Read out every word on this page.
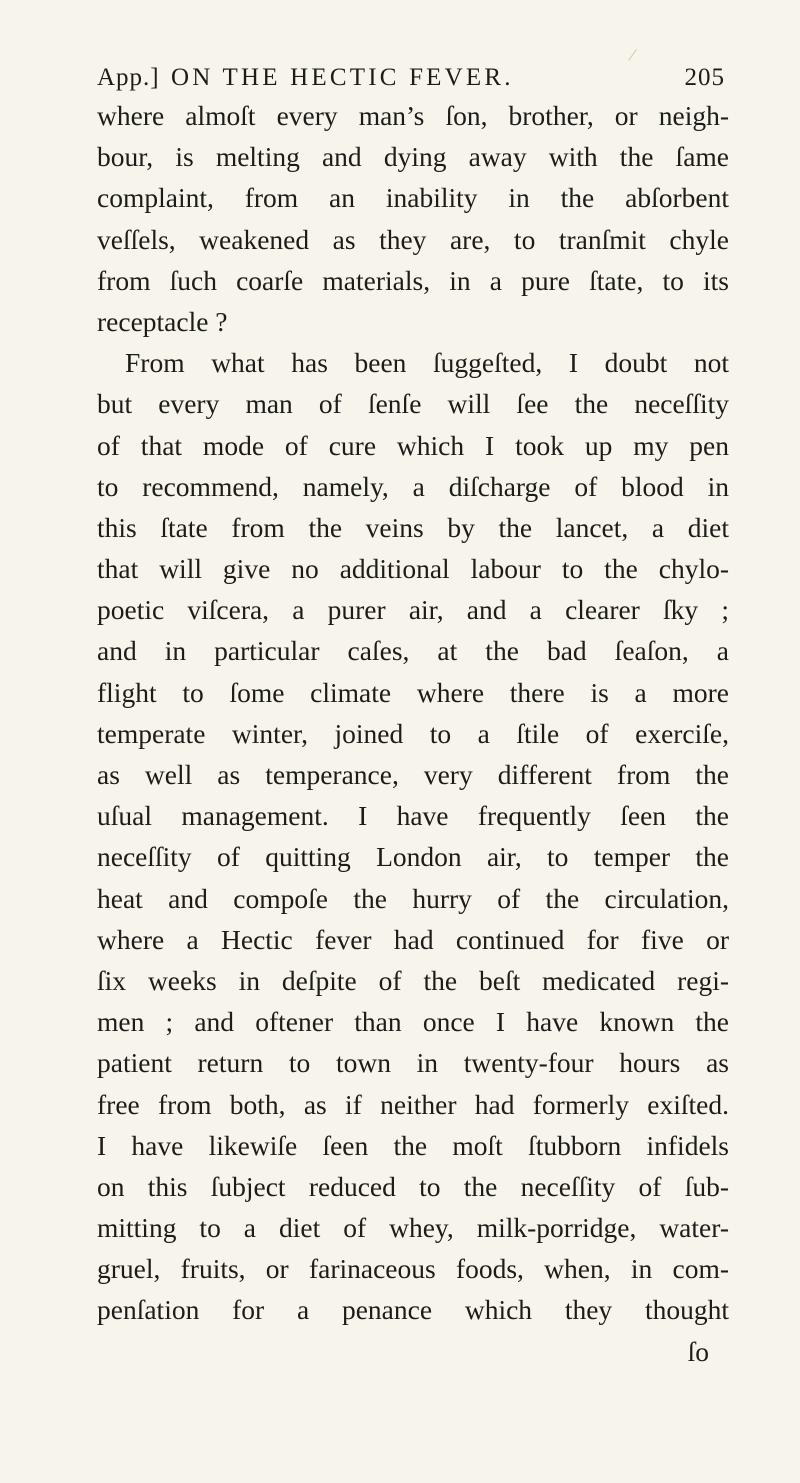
App.] ON THE HECTIC FEVER.	205
where almoſt every man’s ſon, brother, or neigh-
bour, is melting and dying away with the ſame
complaint, from an inability in the abſorbent
veſſels, weakened as they are, to tranſmit chyle
from ſuch coarſe materials, in a pure ſtate, to its
receptacle ?
From what has been ſuggeſted, I doubt not
but every man of ſenſe will ſee the neceſſity
of that mode of cure which I took up my pen
to recommend, namely, a diſcharge of blood in
this ſtate from the veins by the lancet, a diet
that will give no additional labour to the chylo-
poetic viſcera, a purer air, and a clearer ſky ;
and in particular caſes, at the bad ſeaſon, a
flight to ſome climate where there is a more
temperate winter, joined to a ſtile of exerciſe,
as well as temperance, very different from the
uſual management. I have frequently ſeen the
neceſſity of quitting London air, to temper the
heat and compoſe the hurry of the circulation,
where a Hectic fever had continued for five or
ſix weeks in deſpite of the beſt medicated regi-
men ; and oftener than once I have known the
patient return to town in twenty-four hours as
free from both, as if neither had formerly exiſted.
I have likewiſe ſeen the moſt ſtubborn infidels
on this ſubject reduced to the neceſſity of ſub-
mitting to a diet of whey, milk-porridge, water-
gruel, fruits, or farinaceous foods, when, in com-
penſation for a penance which they thought
ſo
